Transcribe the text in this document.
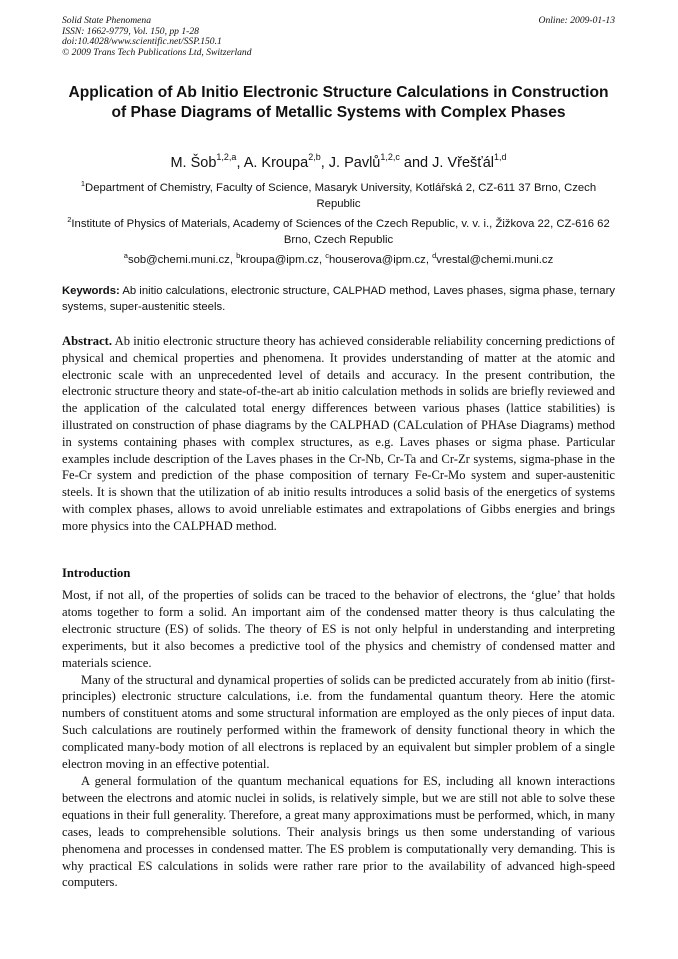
Solid State Phenomena
ISSN: 1662-9779, Vol. 150, pp 1-28
doi:10.4028/www.scientific.net/SSP.150.1
© 2009 Trans Tech Publications Ltd, Switzerland
Online: 2009-01-13
Application of Ab Initio Electronic Structure Calculations in Construction of Phase Diagrams of Metallic Systems with Complex Phases
M. Šob$^{1,2,a}$, A. Kroupa$^{2,b}$, J. Pavlů$^{1,2,c}$ and J. Vřešťál$^{1,d}$
$^1$Department of Chemistry, Faculty of Science, Masaryk University, Kotlářská 2, CZ-611 37 Brno, Czech Republic
$^2$Institute of Physics of Materials, Academy of Sciences of the Czech Republic, v. v. i., Žižkova 22, CZ-616 62 Brno, Czech Republic
$^a$sob@chemi.muni.cz, $^b$kroupa@ipm.cz, $^c$houserova@ipm.cz, $^d$vrestal@chemi.muni.cz
Keywords: Ab initio calculations, electronic structure, CALPHAD method, Laves phases, sigma phase, ternary systems, super-austenitic steels.

Abstract. Ab initio electronic structure theory has achieved considerable reliability concerning predictions of physical and chemical properties and phenomena. It provides understanding of matter at the atomic and electronic scale with an unprecedented level of details and accuracy. In the present contribution, the electronic structure theory and state-of-the-art ab initio calculation methods in solids are briefly reviewed and the application of the calculated total energy differences between various phases (lattice stabilities) is illustrated on construction of phase diagrams by the CALPHAD (CALculation of PHAse Diagrams) method in systems containing phases with complex structures, as e.g. Laves phases or sigma phase. Particular examples include description of the Laves phases in the Cr-Nb, Cr-Ta and Cr-Zr systems, sigma-phase in the Fe-Cr system and prediction of the phase composition of ternary Fe-Cr-Mo system and super-austenitic steels. It is shown that the utilization of ab initio results introduces a solid basis of the energetics of systems with complex phases, allows to avoid unreliable estimates and extrapolations of Gibbs energies and brings more physics into the CALPHAD method.

Introduction

Most, if not all, of the properties of solids can be traced to the behavior of electrons, the ‘glue’ that holds atoms together to form a solid. An important aim of the condensed matter theory is thus calculating the electronic structure (ES) of solids. The theory of ES is not only helpful in understanding and interpreting experiments, but it also becomes a predictive tool of the physics and chemistry of condensed matter and materials science.

Many of the structural and dynamical properties of solids can be predicted accurately from ab initio (first-principles) electronic structure calculations, i.e. from the fundamental quantum theory. Here the atomic numbers of constituent atoms and some structural information are employed as the only pieces of input data. Such calculations are routinely performed within the framework of density functional theory in which the complicated many-body motion of all electrons is replaced by an equivalent but simpler problem of a single electron moving in an effective potential.

A general formulation of the quantum mechanical equations for ES, including all known interactions between the electrons and atomic nuclei in solids, is relatively simple, but we are still not able to solve these equations in their full generality. Therefore, a great many approximations must be performed, which, in many cases, leads to comprehensible solutions. Their analysis brings us then some understanding of various phenomena and processes in condensed matter. The ES problem is computationally very demanding. This is why practical ES calculations in solids were rather rare prior to the availability of advanced high-speed computers.
